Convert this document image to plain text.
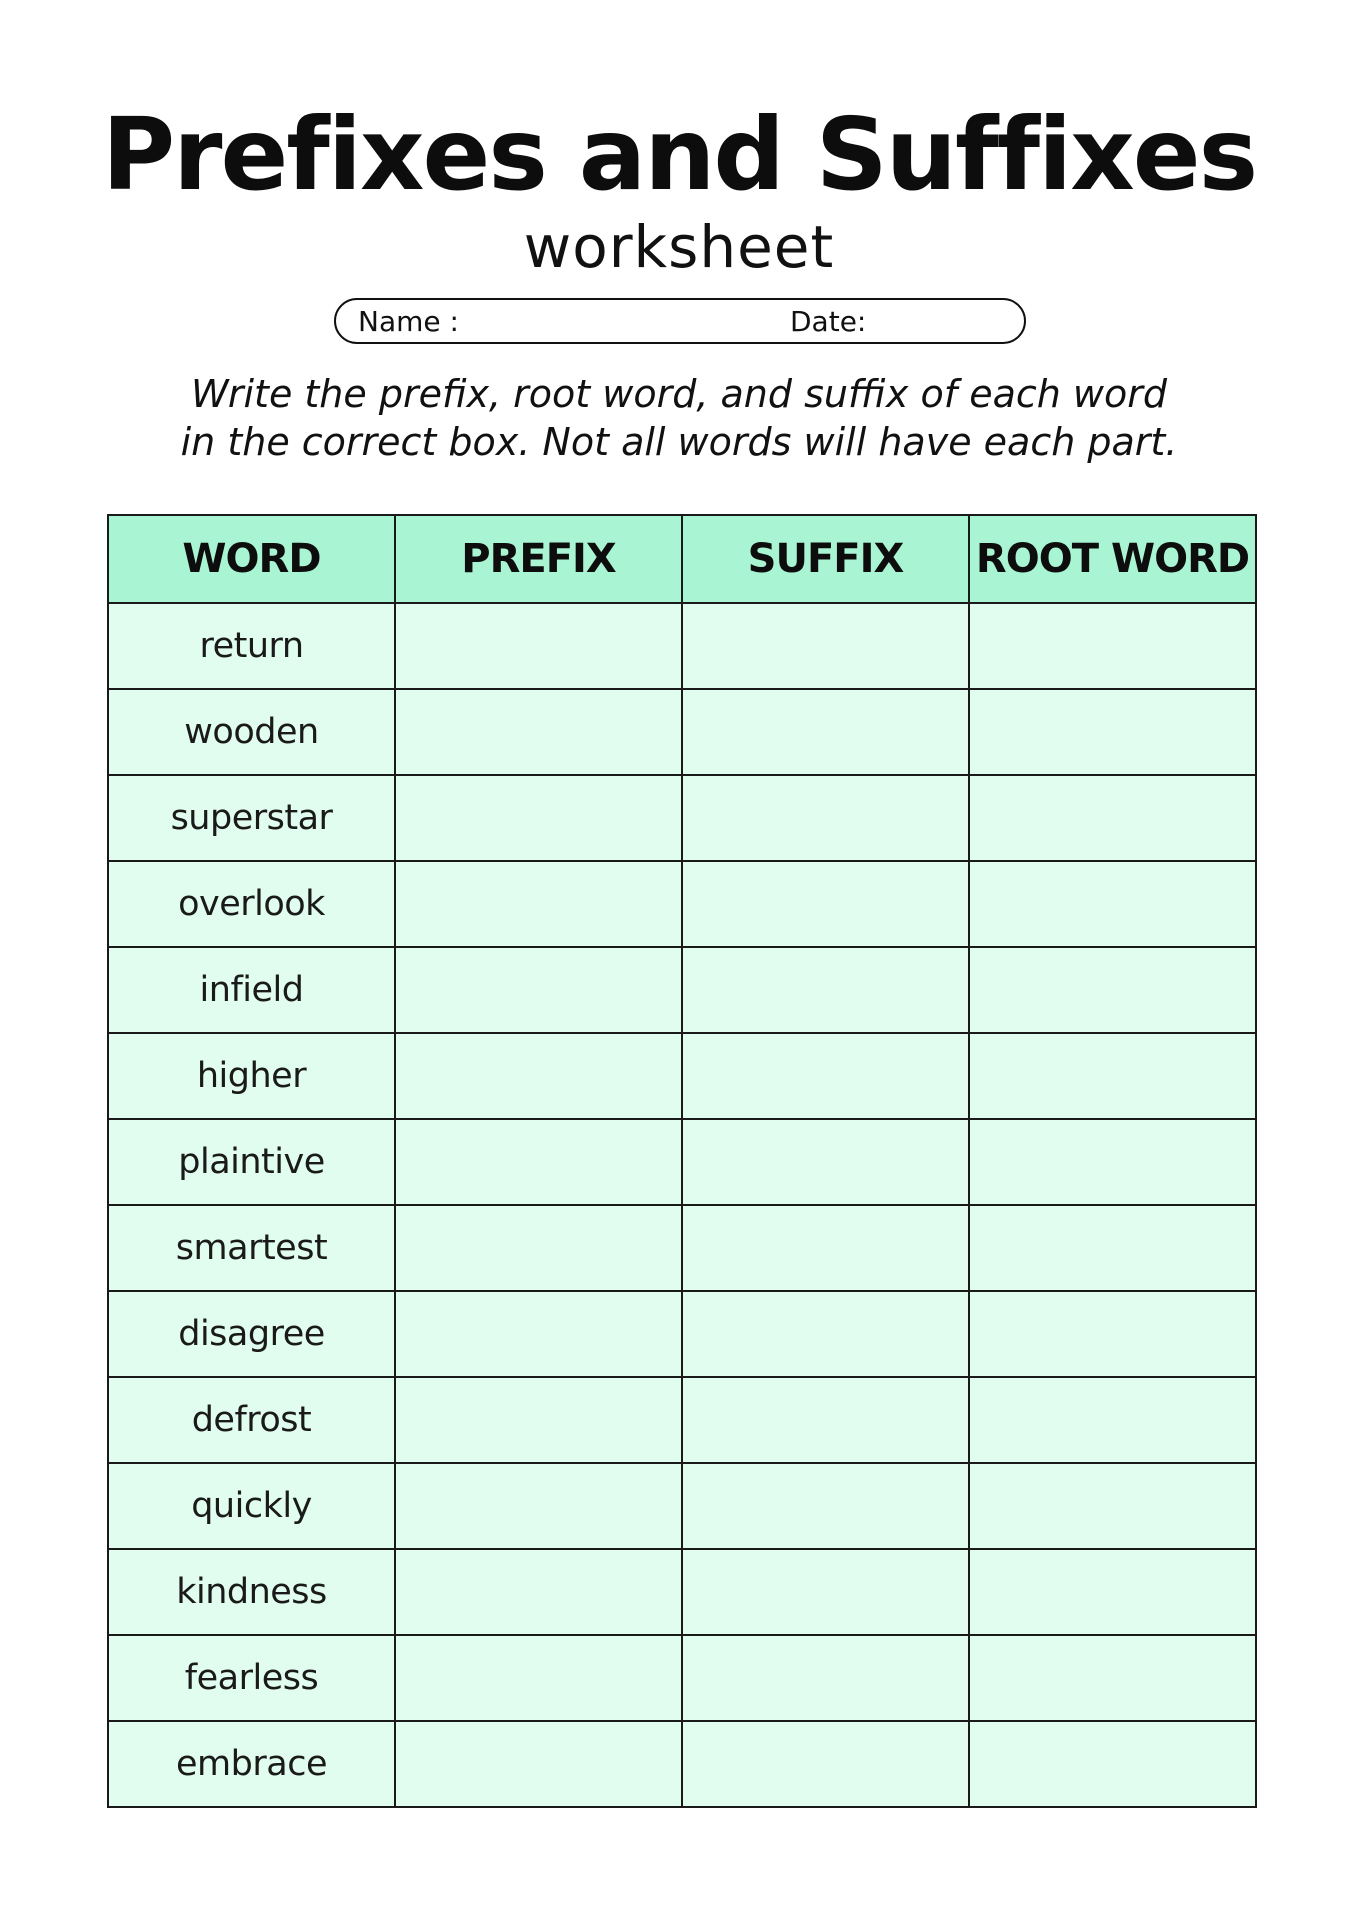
Prefixes and Suffixes
worksheet
Name :	Date:
Write the prefix, root word, and suffix of each word
in the correct box. Not all words will have each part.
WORD	PREFIX	SUFFIX	ROOT WORD
return			
wooden			
superstar			
overlook			
infield			
higher			
plaintive			
smartest			
disagree			
defrost			
quickly			
kindness			
fearless			
embrace			
